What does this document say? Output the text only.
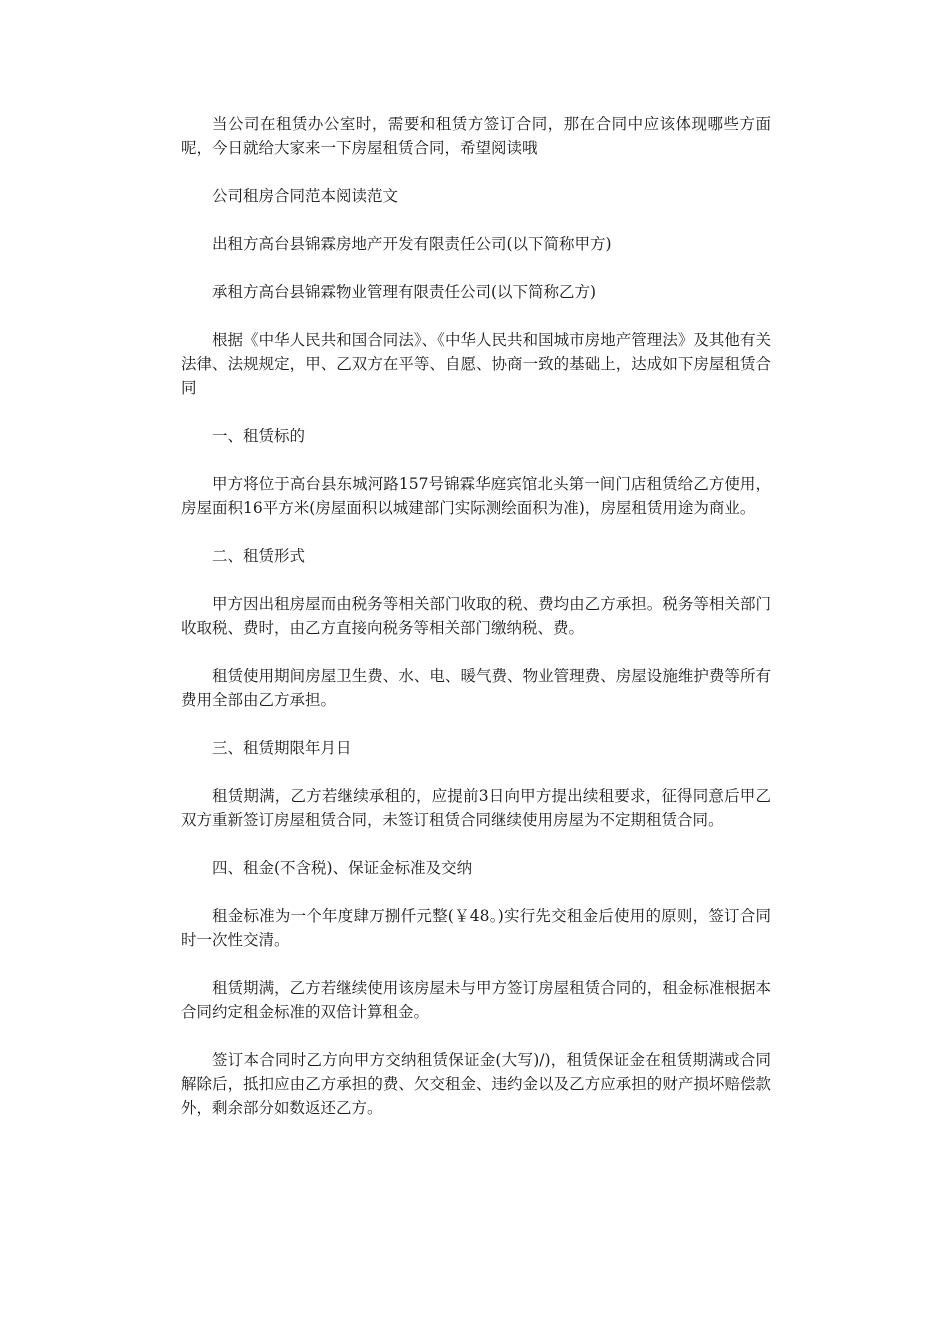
当公司在租赁办公室时，需要和租赁方签订合同，那在合同中应该体现哪些方面呢，今日就给大家来一下房屋租赁合同，希望阅读哦

公司租房合同范本阅读范文

出租方高台县锦霖房地产开发有限责任公司(以下简称甲方)

承租方高台县锦霖物业管理有限责任公司(以下简称乙方)

根据《中华人民共和国合同法》、《中华人民共和国城市房地产管理法》及其他有关法律、法规规定，甲、乙双方在平等、自愿、协商一致的基础上，达成如下房屋租赁合同

一、租赁标的

甲方将位于高台县东城河路157号锦霖华庭宾馆北头第一间门店租赁给乙方使用，房屋面积16平方米(房屋面积以城建部门实际测绘面积为准)，房屋租赁用途为商业。

二、租赁形式

甲方因出租房屋而由税务等相关部门收取的税、费均由乙方承担。税务等相关部门收取税、费时，由乙方直接向税务等相关部门缴纳税、费。

租赁使用期间房屋卫生费、水、电、暖气费、物业管理费、房屋设施维护费等所有费用全部由乙方承担。

三、租赁期限年月日

租赁期满，乙方若继续承租的，应提前3日向甲方提出续租要求，征得同意后甲乙双方重新签订房屋租赁合同，未签订租赁合同继续使用房屋为不定期租赁合同。

四、租金(不含税)、保证金标准及交纳

租金标准为一个年度肆万捌仟元整(￥48。)实行先交租金后使用的原则，签订合同时一次性交清。

租赁期满，乙方若继续使用该房屋未与甲方签订房屋租赁合同的，租金标准根据本合同约定租金标准的双倍计算租金。

签订本合同时乙方向甲方交纳租赁保证金(大写)/)，租赁保证金在租赁期满或合同解除后，抵扣应由乙方承担的费、欠交租金、违约金以及乙方应承担的财产损坏赔偿款外，剩余部分如数返还乙方。
